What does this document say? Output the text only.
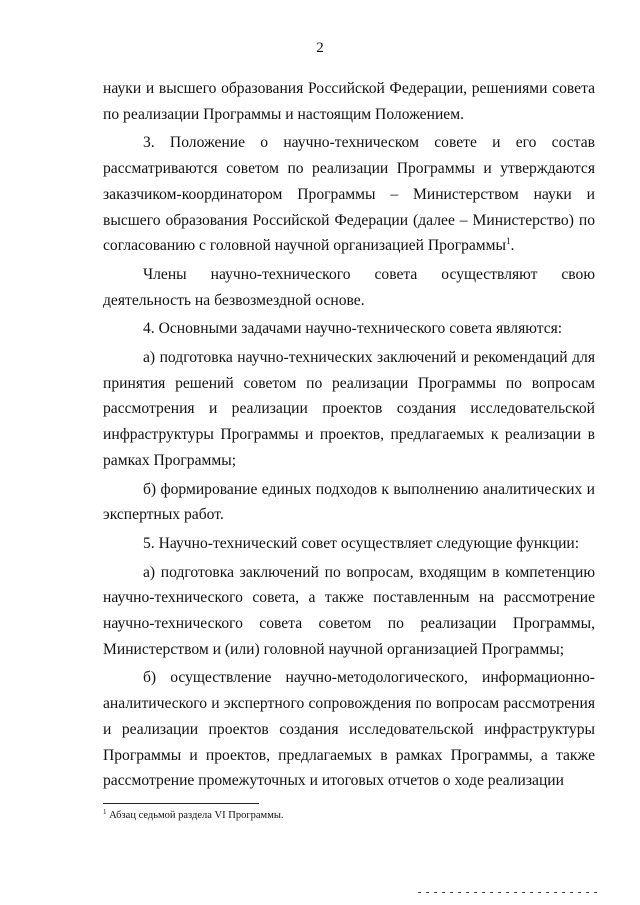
2

науки и высшего образования Российской Федерации, решениями совета по реализации Программы и настоящим Положением.

3. Положение о научно-техническом совете и его состав рассматриваются советом по реализации Программы и утверждаются заказчиком-координатором Программы – Министерством науки и высшего образования Российской Федерации (далее – Министерство) по согласованию с головной научной организацией Программы$^1$.

Члены научно-технического совета осуществляют свою деятельность на безвозмездной основе.

4. Основными задачами научно-технического совета являются:

а) подготовка научно-технических заключений и рекомендаций для принятия решений советом по реализации Программы по вопросам рассмотрения и реализации проектов создания исследовательской инфраструктуры Программы и проектов, предлагаемых к реализации в рамках Программы;

б) формирование единых подходов к выполнению аналитических и экспертных работ.

5. Научно-технический совет осуществляет следующие функции:

а) подготовка заключений по вопросам, входящим в компетенцию научно-технического совета, а также поставленным на рассмотрение научно-технического совета советом по реализации Программы, Министерством и (или) головной научной организацией Программы;

б) осуществление научно-методологического, информационно-аналитического и экспертного сопровождения по вопросам рассмотрения и реализации проектов создания исследовательской инфраструктуры Программы и проектов, предлагаемых в рамках Программы, а также рассмотрение промежуточных и итоговых отчетов о ходе реализации

$^1$ Абзац седьмой раздела VI Программы.
